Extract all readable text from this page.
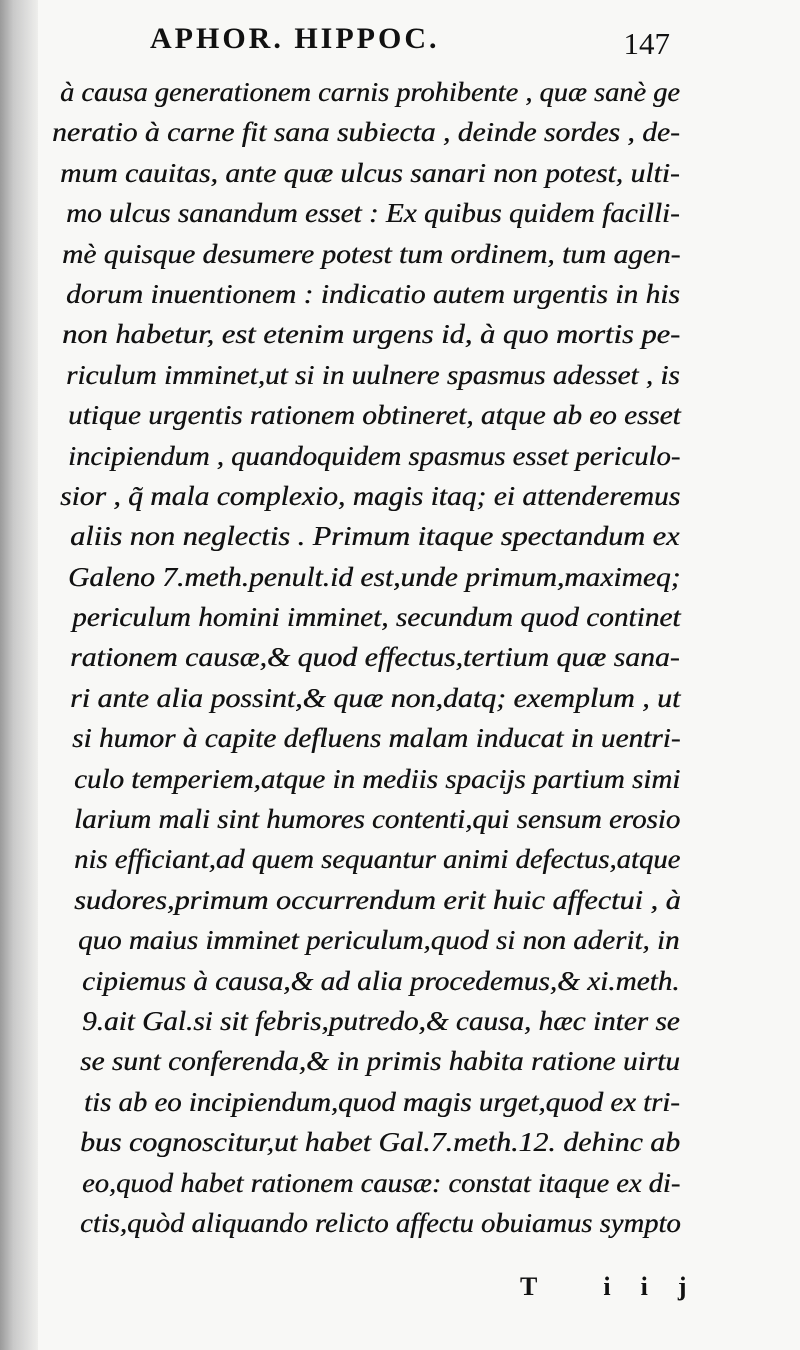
APHOR. HIPPOC.	147
à causa generationem carnis prohibente , quæ sanè ge
neratio à carne fit sana subiecta , deinde sordes , de-
mum cauitas, ante quæ ulcus sanari non potest, ulti-
mo ulcus sanandum esset : Ex quibus quidem facilli-
mè quisque desumere potest tum ordinem, tum agen-
dorum inuentionem : indicatio autem urgentis in his
non habetur, est etenim urgens id, à quo mortis pe-
riculum imminet,ut si in uulnere spasmus adesset , is
utique urgentis rationem obtineret, atque ab eo esset
incipiendum , quandoquidem spasmus esset periculo-
sior , q̃ mala complexio, magis itaq; ei attenderemus
aliis non neglectis . Primum itaque spectandum ex
Galeno 7.meth.penult.id est,unde primum,maximeq;
periculum homini imminet, secundum quod continet
rationem causæ,& quod effectus,tertium quæ sana-
ri ante alia possint,& quæ non,datq; exemplum , ut
si humor à capite defluens malam inducat in uentri-
culo temperiem,atque in mediis spacijs partium simi
larium mali sint humores contenti,qui sensum erosio
nis efficiant,ad quem sequantur animi defectus,atque
sudores,primum occurrendum erit huic affectui , à
quo maius imminet periculum,quod si non aderit, in
cipiemus à causa,& ad alia procedemus,& xi.meth.
9.ait Gal.si sit febris,putredo,& causa, hæc inter se
se sunt conferenda,& in primis habita ratione uirtu
tis ab eo incipiendum,quod magis urget,quod ex tri-
bus cognoscitur,ut habet Gal.7.meth.12. dehinc ab
eo,quod habet rationem causæ: constat itaque ex di-
ctis,quòd aliquando relicto affectu obuiamus sympto
T iij
